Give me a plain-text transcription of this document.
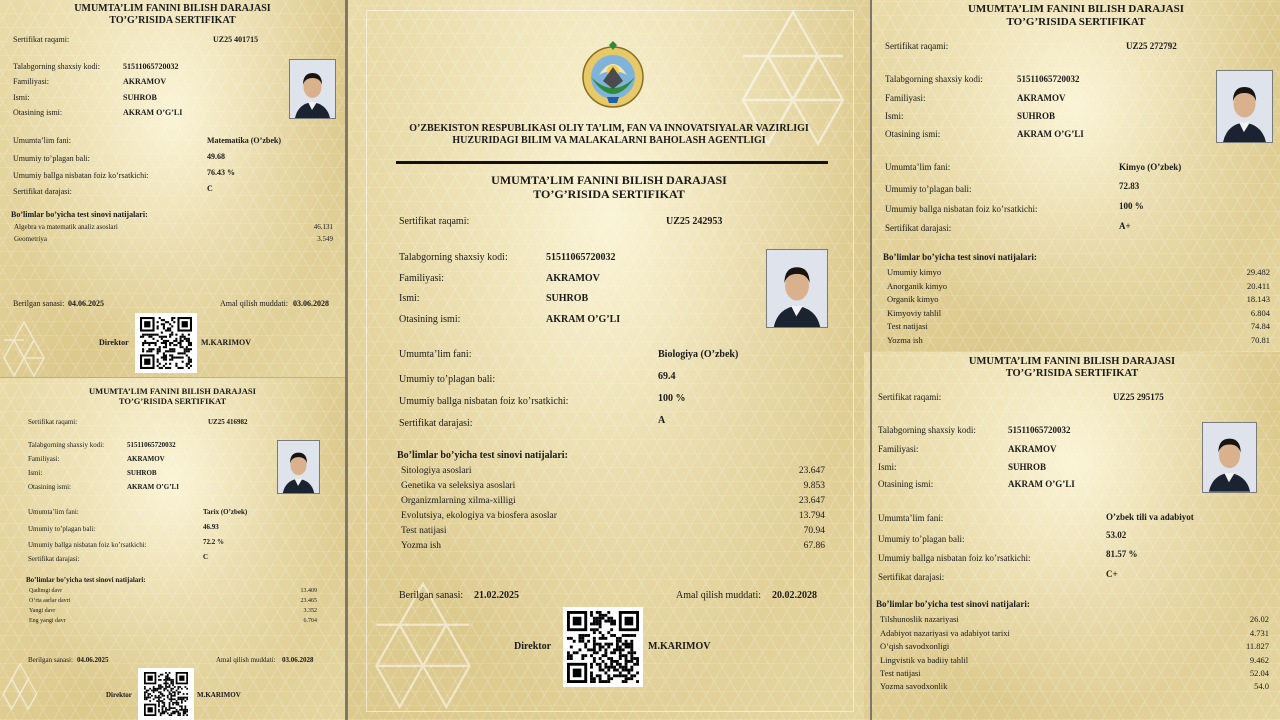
UMUMTA’LIM FANINI BILISH DARAJASI
TO’G’RISIDA SERTIFIKAT
Sertifikat raqami:	UZ25 401715
Talabgorning shaxsiy kodi:	51511065720032
Familiyasi:	AKRAMOV
Ismi:	SUHROB
Otasining ismi:	AKRAM O’G’LI
Umumta’lim fani:	Matematika (O’zbek)
Umumiy to’plagan bali:	49.68
Umumiy ballga nisbatan foiz ko’rsatkichi:	76.43 %
Sertifikat darajasi:	C
Bo’limlar bo’yicha test sinovi natijalari:
Algebra va matematik analiz asoslari	46.131
Geometriya	3.549
Berilgan sanasi: 04.06.2025	Amal qilish muddati: 03.06.2028
Direktor	M.KARIMOV
UMUMTA’LIM FANINI BILISH DARAJASI
TO’G’RISIDA SERTIFIKAT
Sertifikat raqami:	UZ25 416982
Talabgorning shaxsiy kodi:	51511065720032
Familiyasi:	AKRAMOV
Ismi:	SUHROB
Otasining ismi:	AKRAM O’G’LI
Umumta’lim fani:	Tarix (O’zbek)
Umumiy to’plagan bali:	46.93
Umumiy ballga nisbatan foiz ko’rsatkichi:	72.2 %
Sertifikat darajasi:	C
Bo’limlar bo’yicha test sinovi natijalari:
Qadimgi davr	13.409
O’rta asrlar davri	23.465
Yangi davr	3.352
Eng yangi davr	6.704
Berilgan sanasi: 04.06.2025	Amal qilish muddati: 03.06.2028
Direktor	M.KARIMOV
O’ZBEKISTON RESPUBLIKASI OLIY TA’LIM, FAN VA INNOVATSIYALAR VAZIRLIGI
HUZURIDAGI BILIM VA MALAKALARNI BAHOLASH AGENTLIGI
UMUMTA’LIM FANINI BILISH DARAJASI
TO’G’RISIDA SERTIFIKAT
Sertifikat raqami:	UZ25 242953
Talabgorning shaxsiy kodi:	51511065720032
Familiyasi:	AKRAMOV
Ismi:	SUHROB
Otasining ismi:	AKRAM O’G’LI
Umumta’lim fani:	Biologiya (O’zbek)
Umumiy to’plagan bali:	69.4
Umumiy ballga nisbatan foiz ko’rsatkichi:	100 %
Sertifikat darajasi:	A
Bo’limlar bo’yicha test sinovi natijalari:
Sitologiya asoslari	23.647
Genetika va seleksiya asoslari	9.853
Organizmlarning xilma-xilligi	23.647
Evolutsiya, ekologiya va biosfera asoslar	13.794
Test natijasi	70.94
Yozma ish	67.86
Berilgan sanasi: 21.02.2025	Amal qilish muddati: 20.02.2028
Direktor	M.KARIMOV
UMUMTA’LIM FANINI BILISH DARAJASI
TO’G’RISIDA SERTIFIKAT
Sertifikat raqami:	UZ25 272792
Talabgorning shaxsiy kodi:	51511065720032
Familiyasi:	AKRAMOV
Ismi:	SUHROB
Otasining ismi:	AKRAM O’G’LI
Umumta’lim fani:	Kimyo (O’zbek)
Umumiy to’plagan bali:	72.83
Umumiy ballga nisbatan foiz ko’rsatkichi:	100 %
Sertifikat darajasi:	A+
Bo’limlar bo’yicha test sinovi natijalari:
Umumiy kimyo	29.482
Anorganik kimyo	20.411
Organik kimyo	18.143
Kimyoviy tahlil	6.804
Test natijasi	74.84
Yozma ish	70.81
UMUMTA’LIM FANINI BILISH DARAJASI
TO’G’RISIDA SERTIFIKAT
Sertifikat raqami:	UZ25 295175
Talabgorning shaxsiy kodi:	51511065720032
Familiyasi:	AKRAMOV
Ismi:	SUHROB
Otasining ismi:	AKRAM O’G’LI
Umumta’lim fani:	O’zbek tili va adabiyot
Umumiy to’plagan bali:	53.02
Umumiy ballga nisbatan foiz ko’rsatkichi:	81.57 %
Sertifikat darajasi:	C+
Bo’limlar bo’yicha test sinovi natijalari:
Tilshunoslik nazariyasi	26.02
Adabiyot nazariyasi va adabiyot tarixi	4.731
O’qish savodxonligi	11.827
Lingvistik va badiiy tahlil	9.462
Test natijasi	52.04
Yozma savodxonlik	54.0
